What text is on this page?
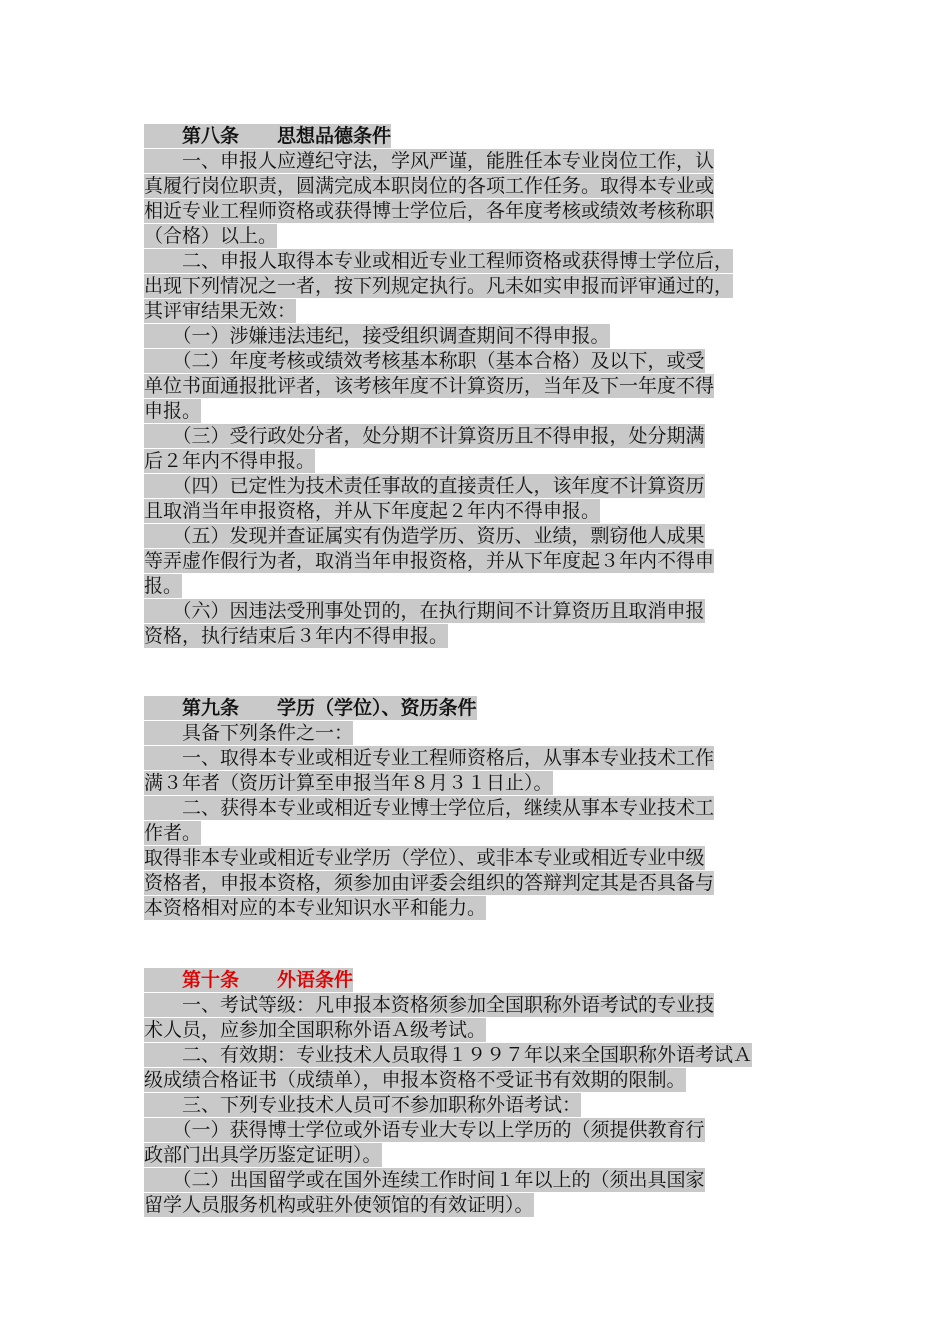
　　第八条　　思想品德条件
　　一、申报人应遵纪守法，学风严谨，能胜任本专业岗位工作，认
真履行岗位职责，圆满完成本职岗位的各项工作任务。取得本专业或
相近专业工程师资格或获得博士学位后，各年度考核或绩效考核称职
（合格）以上。
　　二、申报人取得本专业或相近专业工程师资格或获得博士学位后，
出现下列情况之一者，按下列规定执行。凡未如实申报而评审通过的，
其评审结果无效：
　　（一）涉嫌违法违纪，接受组织调查期间不得申报。
　　（二）年度考核或绩效考核基本称职（基本合格）及以下，或受
单位书面通报批评者，该考核年度不计算资历，当年及下一年度不得
申报。
　　（三）受行政处分者，处分期不计算资历且不得申报，处分期满
后２年内不得申报。
　　（四）已定性为技术责任事故的直接责任人，该年度不计算资历
且取消当年申报资格，并从下年度起２年内不得申报。
　　（五）发现并查证属实有伪造学历、资历、业绩，剽窃他人成果
等弄虚作假行为者，取消当年申报资格，并从下年度起３年内不得申
报。
　　（六）因违法受刑事处罚的，在执行期间不计算资历且取消申报
资格，执行结束后３年内不得申报。
　　第九条　　学历（学位）、资历条件
　　具备下列条件之一：
　　一、取得本专业或相近专业工程师资格后，从事本专业技术工作
满３年者（资历计算至申报当年８月３１日止）。
　　二、获得本专业或相近专业博士学位后，继续从事本专业技术工
作者。
取得非本专业或相近专业学历（学位）、或非本专业或相近专业中级
资格者，申报本资格，须参加由评委会组织的答辩判定其是否具备与
本资格相对应的本专业知识水平和能力。
　　第十条　　外语条件
　　一、考试等级：凡申报本资格须参加全国职称外语考试的专业技
术人员，应参加全国职称外语Ａ级考试。
　　二、有效期：专业技术人员取得１９９７年以来全国职称外语考试Ａ
级成绩合格证书（成绩单），申报本资格不受证书有效期的限制。
　　三、下列专业技术人员可不参加职称外语考试：
　　（一）获得博士学位或外语专业大专以上学历的（须提供教育行
政部门出具学历鉴定证明）。
　　（二）出国留学或在国外连续工作时间１年以上的（须出具国家
留学人员服务机构或驻外使领馆的有效证明）。
